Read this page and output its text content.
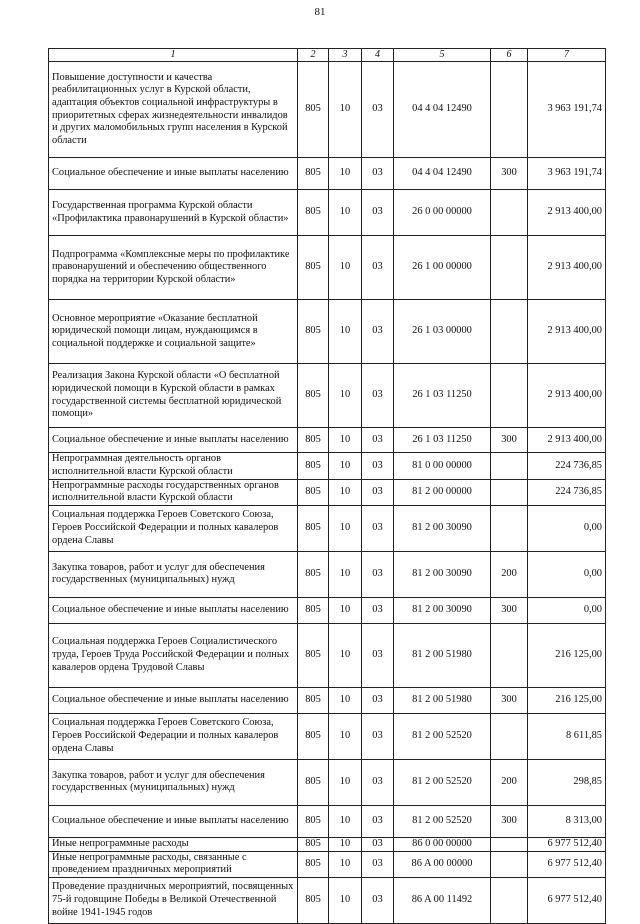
81
1	2	3	4	5	6	7
Повышение доступности и качества реабилитационных услуг в Курской области, адаптация объектов социальной инфраструктуры в приоритетных сферах жизнедеятельности инвалидов и других маломобильных групп населения в Курской области	805	10	03	04 4 04 12490		3 963 191,74
Социальное обеспечение и иные выплаты населению	805	10	03	04 4 04 12490	300	3 963 191,74
Государственная программа Курской области «Профилактика правонарушений в Курской области»	805	10	03	26 0 00 00000		2 913 400,00
Подпрограмма «Комплексные меры по профилактике правонарушений и обеспечению общественного порядка на территории Курской области»	805	10	03	26 1 00 00000		2 913 400,00
Основное мероприятие «Оказание бесплатной юридической помощи лицам, нуждающимся в социальной поддержке и социальной защите»	805	10	03	26 1 03 00000		2 913 400,00
Реализация Закона Курской области «О бесплатной юридической помощи в Курской области в рамках государственной системы бесплатной юридической помощи»	805	10	03	26 1 03 11250		2 913 400,00
Социальное обеспечение и иные выплаты населению	805	10	03	26 1 03 11250	300	2 913 400,00
Непрограммная деятельность органов исполнительной власти Курской области	805	10	03	81 0 00 00000		224 736,85
Непрограммные расходы государственных органов исполнительной власти Курской области	805	10	03	81 2 00 00000		224 736,85
Социальная поддержка Героев Советского Союза, Героев Российской Федерации и полных кавалеров ордена Славы	805	10	03	81 2 00 30090		0,00
Закупка товаров, работ и услуг для обеспечения государственных (муниципальных) нужд	805	10	03	81 2 00 30090	200	0,00
Социальное обеспечение и иные выплаты населению	805	10	03	81 2 00 30090	300	0,00
Социальная поддержка Героев Социалистического труда, Героев Труда Российской Федерации и полных кавалеров ордена Трудовой Славы	805	10	03	81 2 00 51980		216 125,00
Социальное обеспечение и иные выплаты населению	805	10	03	81 2 00 51980	300	216 125,00
Социальная поддержка Героев Советского Союза, Героев Российской Федерации и полных кавалеров ордена Славы	805	10	03	81 2 00 52520		8 611,85
Закупка товаров, работ и услуг для обеспечения государственных (муниципальных) нужд	805	10	03	81 2 00 52520	200	298,85
Социальное обеспечение и иные выплаты населению	805	10	03	81 2 00 52520	300	8 313,00
Иные непрограммные расходы	805	10	03	86 0 00 00000		6 977 512,40
Иные непрограммные расходы, связанные с проведением праздничных мероприятий	805	10	03	86 A 00 00000		6 977 512,40
Проведение праздничных мероприятий, посвященных 75-й годовщине Победы в Великой Отечественной войне 1941-1945 годов	805	10	03	86 A 00 11492		6 977 512,40
